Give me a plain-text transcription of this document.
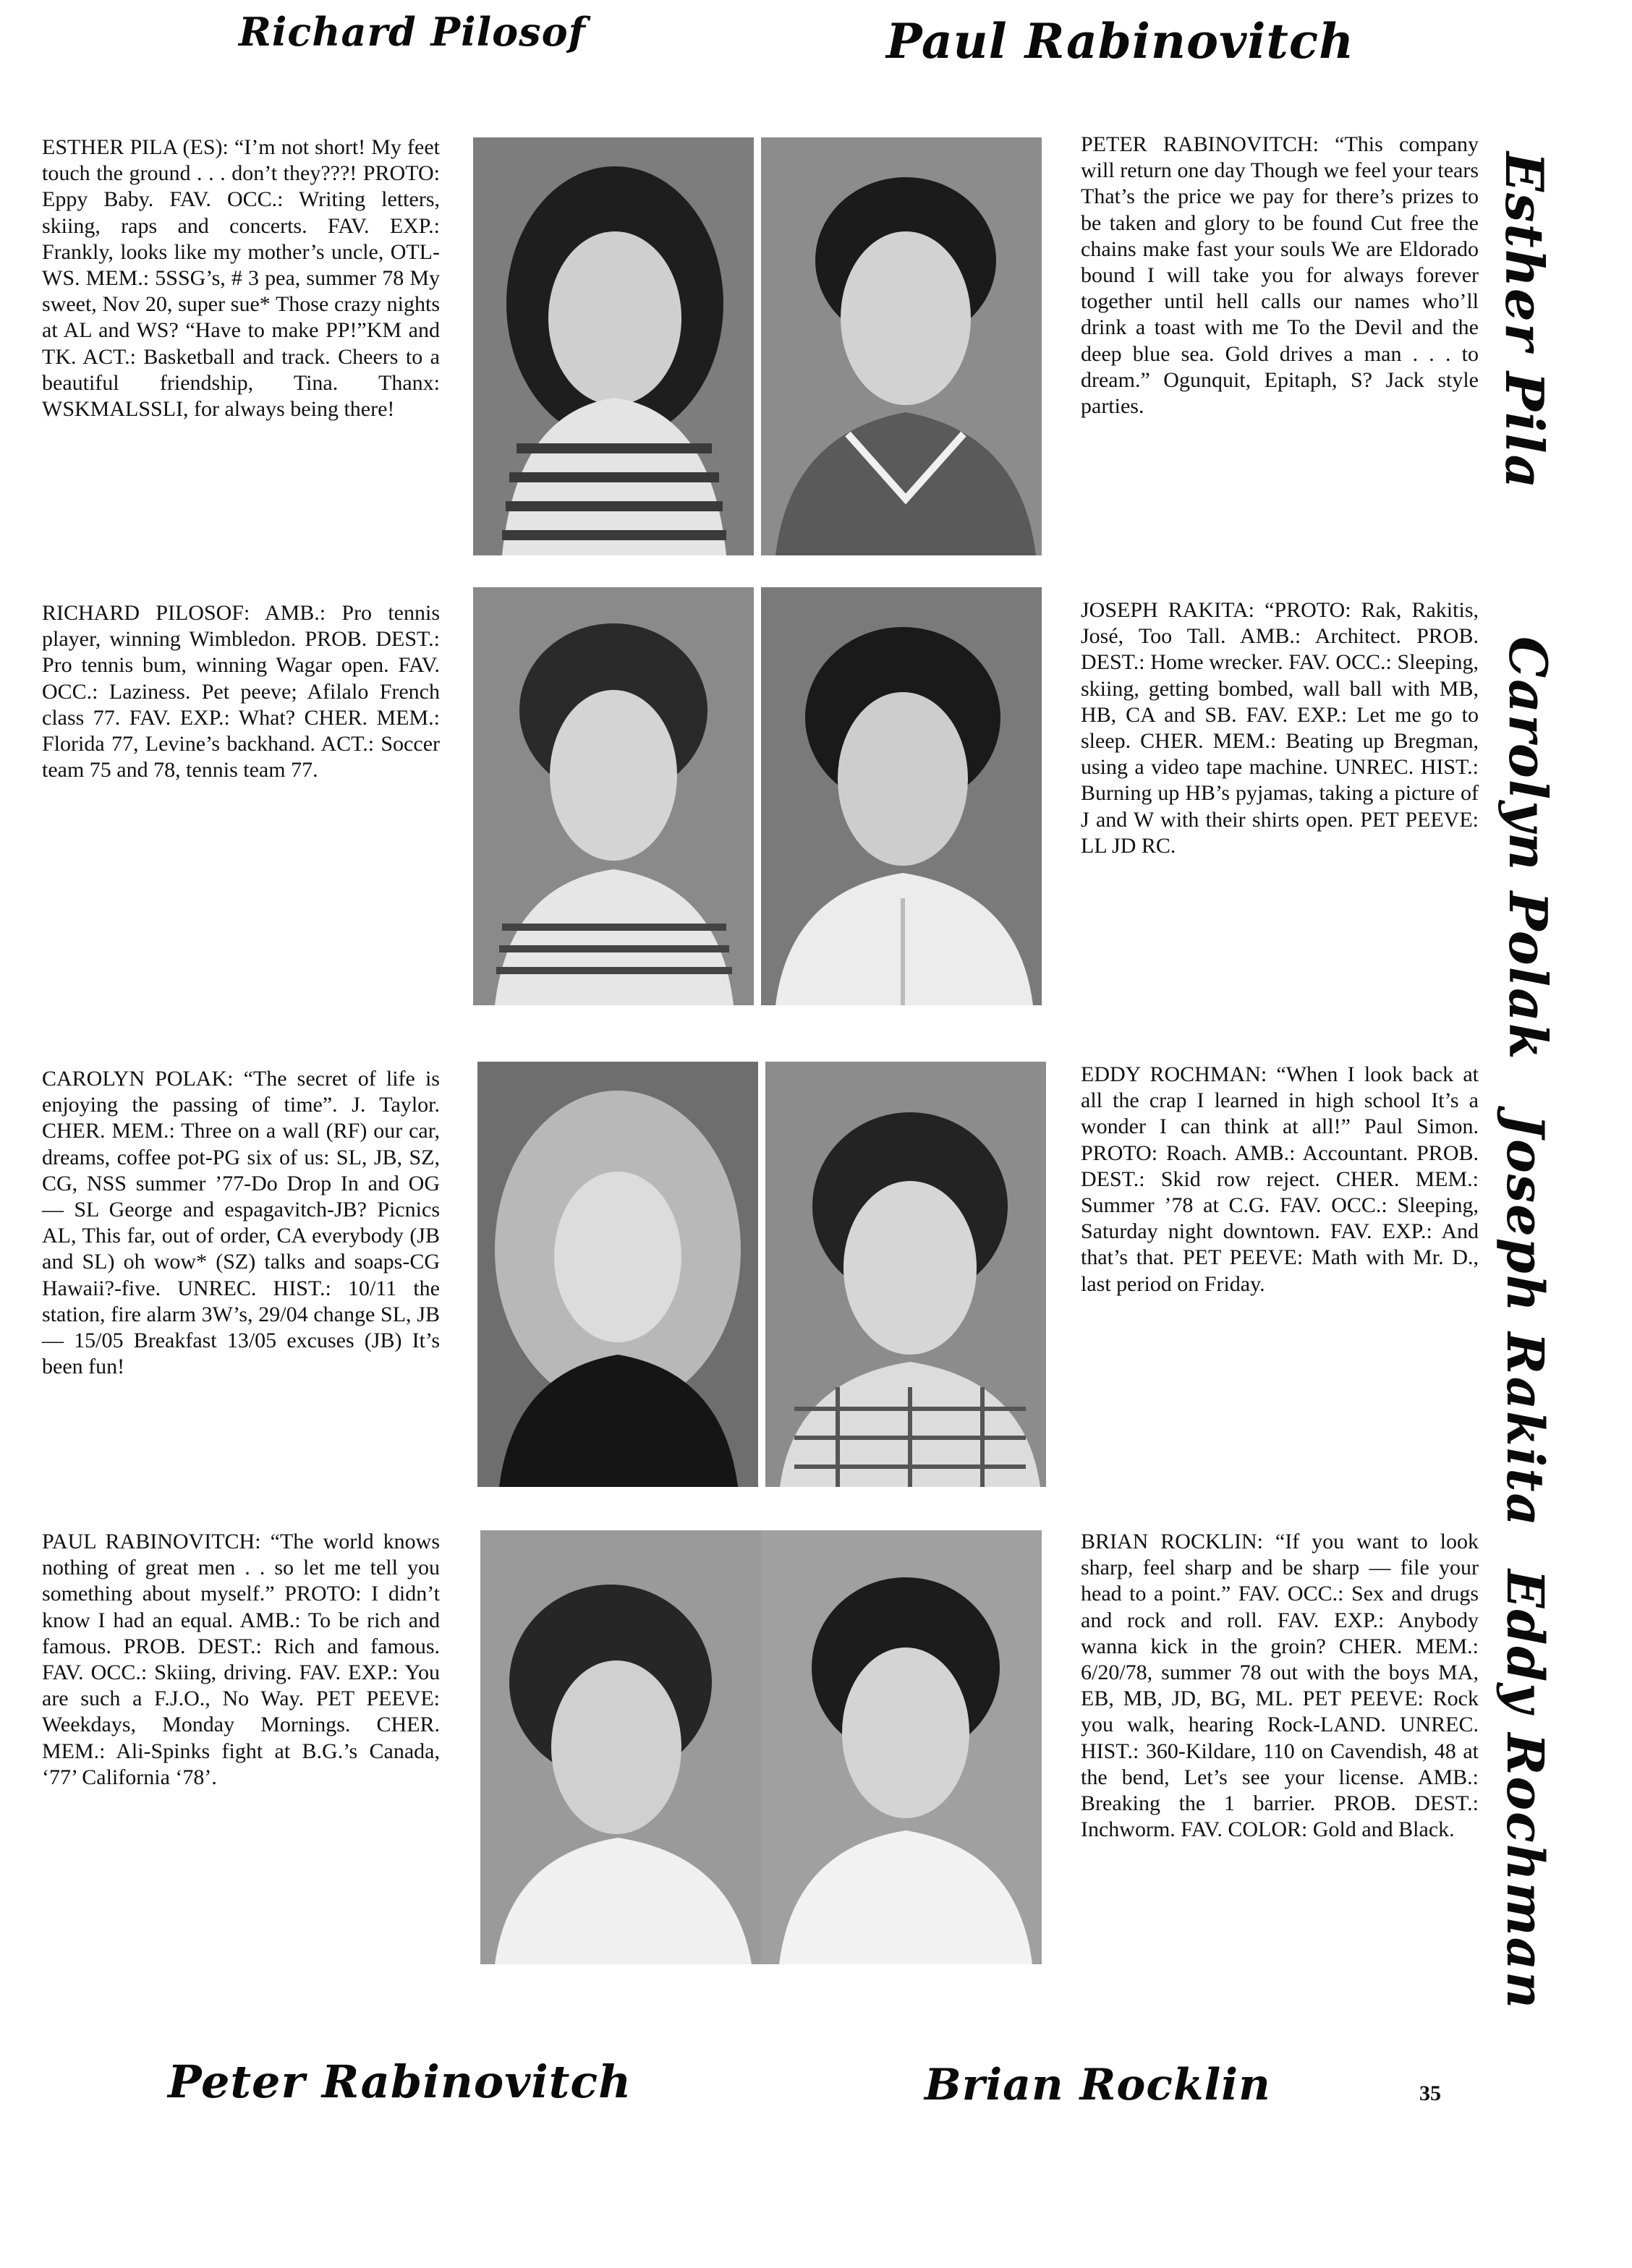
Richard Pilosof	Paul Rabinovitch
Esther Pila
Carolyn Polak
Joseph Rakita
Eddy Rochman

ESTHER PILA (ES): “I’m not short! My feet touch the ground . . . don’t they???! PROTO: Eppy Baby. FAV. OCC.: Writing letters, skiing, raps and concerts. FAV. EXP.: Frankly, looks like my mother’s uncle, OTL-WS. MEM.: 5SSG’s, # 3 pea, summer 78 My sweet, Nov 20, super sue* Those crazy nights at AL and WS? “Have to make PP!”KM and TK. ACT.: Basketball and track. Cheers to a beautiful friendship, Tina. Thanx: WSKMALSSLI, for always being there!

PETER RABINOVITCH: “This company will return one day Though we feel your tears That’s the price we pay for there’s prizes to be taken and glory to be found Cut free the chains make fast your souls We are Eldorado bound I will take you for always forever together until hell calls our names who’ll drink a toast with me To the Devil and the deep blue sea. Gold drives a man . . . to dream.” Ogunquit, Epitaph, S? Jack style parties.

RICHARD PILOSOF: AMB.: Pro tennis player, winning Wimbledon. PROB. DEST.: Pro tennis bum, winning Wagar open. FAV. OCC.: Laziness. Pet peeve; Afilalo French class 77. FAV. EXP.: What? CHER. MEM.: Florida 77, Levine’s backhand. ACT.: Soccer team 75 and 78, tennis team 77.

JOSEPH RAKITA: “PROTO: Rak, Rakitis, José, Too Tall. AMB.: Architect. PROB. DEST.: Home wrecker. FAV. OCC.: Sleeping, skiing, getting bombed, wall ball with MB, HB, CA and SB. FAV. EXP.: Let me go to sleep. CHER. MEM.: Beating up Bregman, using a video tape machine. UNREC. HIST.: Burning up HB’s pyjamas, taking a picture of J and W with their shirts open. PET PEEVE: LL JD RC.

CAROLYN POLAK: “The secret of life is enjoying the passing of time”. J. Taylor. CHER. MEM.: Three on a wall (RF) our car, dreams, coffee pot-PG six of us: SL, JB, SZ, CG, NSS summer ’77-Do Drop In and OG — SL George and espagavitch-JB? Picnics AL, This far, out of order, CA everybody (JB and SL) oh wow* (SZ) talks and soaps-CG Hawaii?-five. UNREC. HIST.: 10/11 the station, fire alarm 3W’s, 29/04 change SL, JB — 15/05 Breakfast 13/05 excuses (JB) It’s been fun!

EDDY ROCHMAN: “When I look back at all the crap I learned in high school It’s a wonder I can think at all!” Paul Simon. PROTO: Roach. AMB.: Accountant. PROB. DEST.: Skid row reject. CHER. MEM.: Summer ’78 at C.G. FAV. OCC.: Sleeping, Saturday night downtown. FAV. EXP.: And that’s that. PET PEEVE: Math with Mr. D., last period on Friday.

PAUL RABINOVITCH: “The world knows nothing of great men . . so let me tell you something about myself.” PROTO: I didn’t know I had an equal. AMB.: To be rich and famous. PROB. DEST.: Rich and famous. FAV. OCC.: Skiing, driving. FAV. EXP.: You are such a F.J.O., No Way. PET PEEVE: Weekdays, Monday Mornings. CHER. MEM.: Ali-Spinks fight at B.G.’s Canada, ‘77’ California ‘78’.

BRIAN ROCKLIN: “If you want to look sharp, feel sharp and be sharp — file your head to a point.” FAV. OCC.: Sex and drugs and rock and roll. FAV. EXP.: Anybody wanna kick in the groin? CHER. MEM.: 6/20/78, summer 78 out with the boys MA, EB, MB, JD, BG, ML. PET PEEVE: Rock you walk, hearing Rock-LAND. UNREC. HIST.: 360-Kildare, 110 on Cavendish, 48 at the bend, Let’s see your license. AMB.: Breaking the 1 barrier. PROB. DEST.: Inchworm. FAV. COLOR: Gold and Black.

Peter Rabinovitch	Brian Rocklin	35
